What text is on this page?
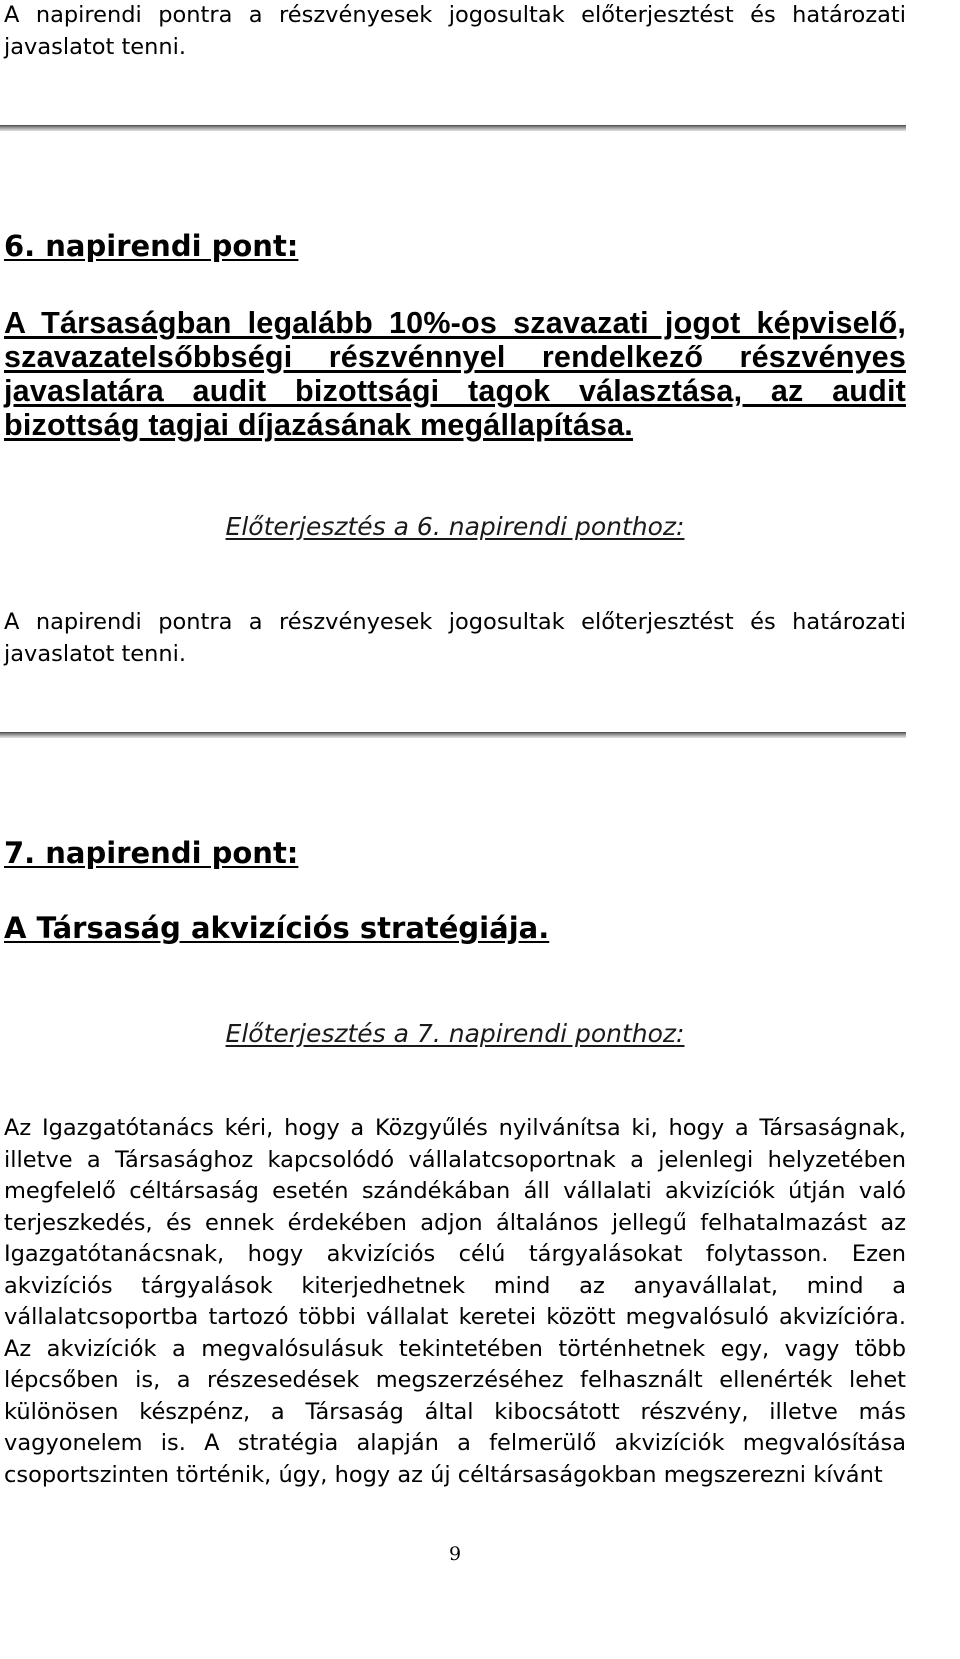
A napirendi pontra a részvényesek jogosultak előterjesztést és határozati javaslatot tenni.

6. napirendi pont:
A Társaságban legalább 10%-os szavazati jogot képviselő, szavazatelsőbbségi részvénnyel rendelkező részvényes javaslatára audit bizottsági tagok választása, az audit bizottság tagjai díjazásának megállapítása.

Előterjesztés a 6. napirendi ponthoz:

A napirendi pontra a részvényesek jogosultak előterjesztést és határozati javaslatot tenni.

7. napirendi pont:
A Társaság akvizíciós stratégiája.

Előterjesztés a 7. napirendi ponthoz:

Az Igazgatótanács kéri, hogy a Közgyűlés nyilvánítsa ki, hogy a Társaságnak, illetve a Társasághoz kapcsolódó vállalatcsoportnak a jelenlegi helyzetében megfelelő céltársaság esetén szándékában áll vállalati akvizíciók útján való terjeszkedés, és ennek érdekében adjon általános jellegű felhatalmazást az Igazgatótanácsnak, hogy akvizíciós célú tárgyalásokat folytasson. Ezen akvizíciós tárgyalások kiterjedhetnek mind az anyavállalat, mind a vállalatcsoportba tartozó többi vállalat keretei között megvalósuló akvizícióra. Az akvizíciók a megvalósulásuk tekintetében történhetnek egy, vagy több lépcsőben is, a részesedések megszerzéséhez felhasznált ellenérték lehet különösen készpénz, a Társaság által kibocsátott részvény, illetve más vagyonelem is. A stratégia alapján a felmerülő akvizíciók megvalósítása csoportszinten történik, úgy, hogy az új céltársaságokban megszerezni kívánt

9
